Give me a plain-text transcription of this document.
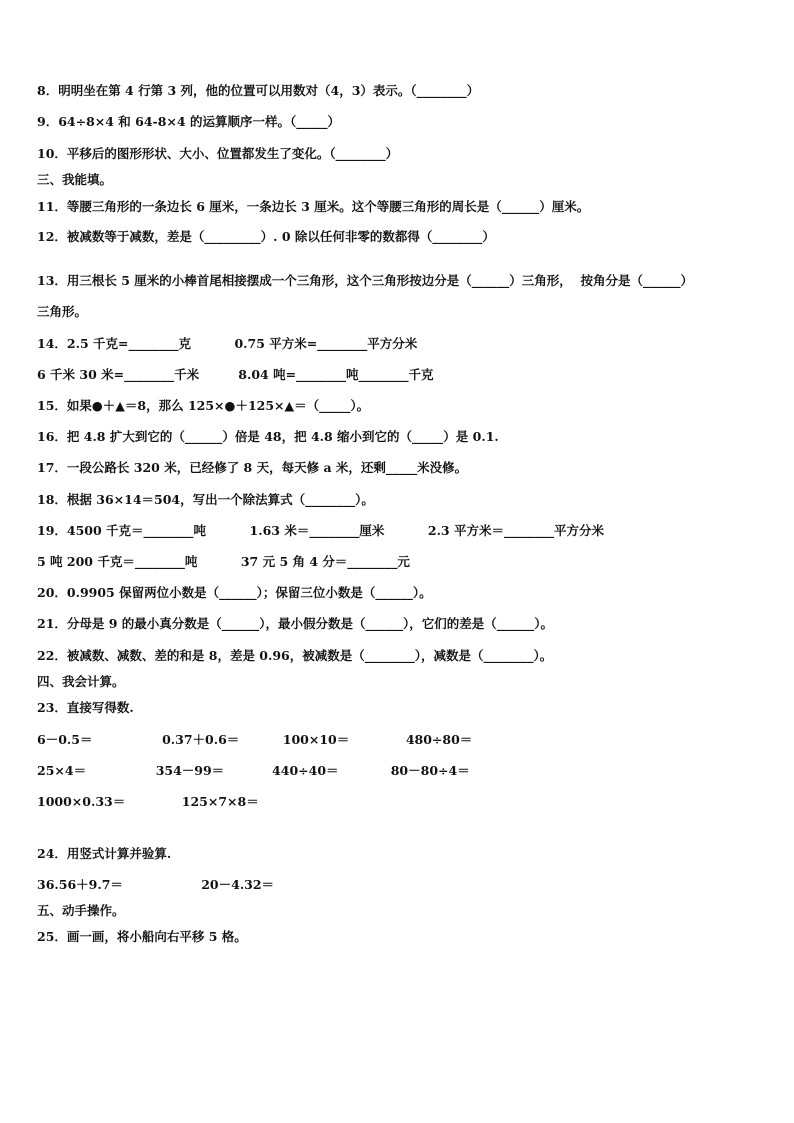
8．明明坐在第 4 行第 3 列，他的位置可以用数对（4，3）表示。（________）
9．64÷8×4 和 64-8×4 的运算顺序一样。（_____）
10．平移后的图形形状、大小、位置都发生了变化。（________）
三、我能填。
11．等腰三角形的一条边长 6 厘米，一条边长 3 厘米。这个等腰三角形的周长是（______）厘米。
12．被减数等于减数，差是（_________）. 0 除以任何非零的数都得（________）
13．用三根长 5 厘米的小棒首尾相接摆成一个三角形，这个三角形按边分是（______）三角形，  按角分是（______）
三角形。
14．2.5 千克=________克          0.75 平方米=________平方分米
6 千米 30 米=________千米         8.04 吨=________吨________千克
15．如果●＋▲＝8，那么 125×●＋125×▲＝（_____）。
16．把 4.8 扩大到它的（______）倍是 48，把 4.8 缩小到它的（_____）是 0.1.
17．一段公路长 320 米，已经修了 8 天，每天修 a 米，还剩_____米没修。
18．根据 36×14＝504，写出一个除法算式（________）。
19．4500 千克＝________吨          1.63 米＝________厘米          2.3 平方米＝________平方分米
5 吨 200 千克＝________吨          37 元 5 角 4 分＝________元
20．0.9905 保留两位小数是（______）；保留三位小数是（______）。
21．分母是 9 的最小真分数是（______），最小假分数是（______），它们的差是（______）。
22．被减数、减数、差的和是 8，差是 0.96，被减数是（________），减数是（________）。
四、我会计算。
23．直接写得数.
6－0.5＝                0.37＋0.6＝          100×10＝             480÷80＝
25×4＝                354－99＝           440÷40＝            80－80÷4＝
1000×0.33＝             125×7×8＝
24．用竖式计算并验算.
36.56＋9.7＝                  20－4.32＝
五、动手操作。
25．画一画，将小船向右平移 5 格。
